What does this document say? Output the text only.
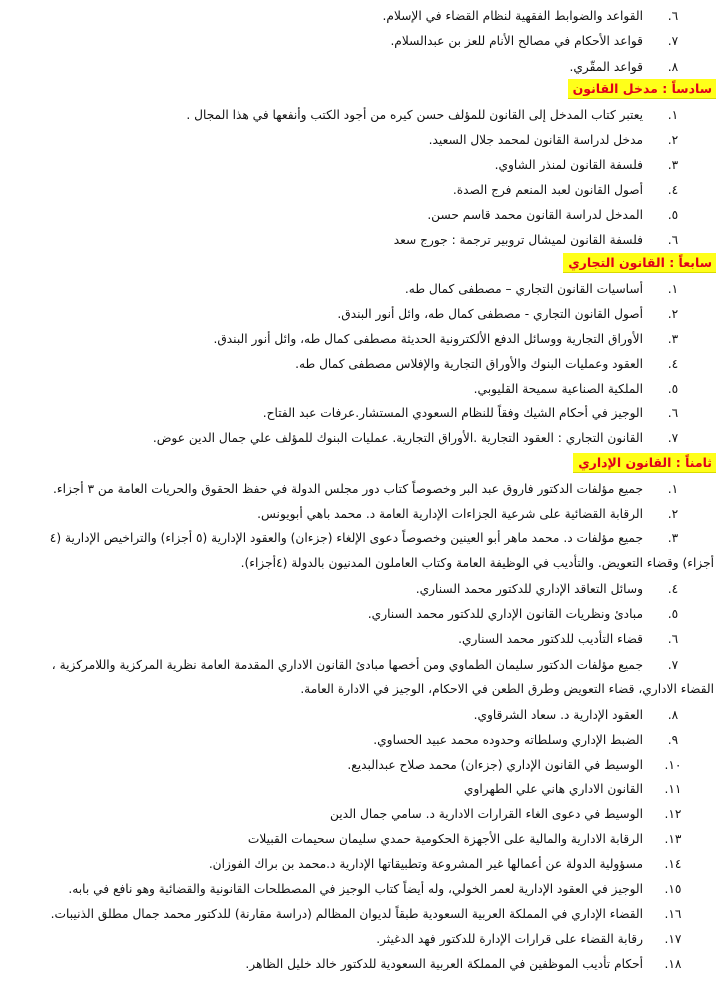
٦.
القواعد والضوابط الفقهية لنظام القضاء في الإسلام.
٧.
قواعد الأحكام في مصالح الأنام للعز بن عبدالسلام.
٨.
قواعد المقّري.
سادساً : مدخل القانون
١.
يعتبر كتاب المدخل إلى القانون للمؤلف حسن كيره من أجود الكتب وأنفعها في هذا المجال .
٢.
مدخل لدراسة القانون لمحمد جلال السعيد.
٣.
فلسفة القانون لمنذر الشاوي.
٤.
أصول القانون لعبد المنعم فرج الصدة.
٥.
المدخل لدراسة القانون محمد قاسم حسن.
٦.
فلسفة القانون لميشال تروبير ترجمة : جورج سعد
سابعاً : القانون التجاري
١.
أساسيات القانون التجاري – مصطفى كمال طه.
٢.
أصول القانون التجاري - مصطفى كمال طه، وائل أنور البندق.
٣.
الأوراق التجارية ووسائل الدفع الألكترونية الحديثة مصطفى كمال طه، وائل أنور البندق.
٤.
العقود وعمليات البنوك والأوراق التجارية والإفلاس مصطفى كمال طه.
٥.
الملكية الصناعية سميحة القليوبي.
٦.
الوجيز في أحكام الشيك وفقاً للنظام السعودي المستشار.عرفات عبد الفتاح.
٧.
القانون التجاري : العقود التجارية .الأوراق التجارية. عمليات البنوك للمؤلف علي جمال الدين عوض.
ثامناً : القانون الإداري
١.
جميع مؤلفات الدكتور فاروق عبد البر وخصوصاً كتاب دور مجلس الدولة في حفظ الحقوق والحريات العامة من ٣ أجزاء.
٢.
الرقابة القضائية على شرعية الجزاءات الإدارية العامة د. محمد باهي أبويونس.
٣.
جميع مؤلفات د. محمد ماهر أبو العينين وخصوصاً دعوى الإلغاء (جزءان) والعقود الإدارية (٥ أجزاء) والتراخيص الإدارية (٤
أجزاء) وقضاء التعويض. والتأديب في الوظيفة العامة وكتاب العاملون المدنيون بالدولة (٤أجزاء).
٤.
وسائل التعاقد الإداري للدكتور محمد السناري.
٥.
مبادئ ونظريات القانون الإداري للدكتور محمد السناري.
٦.
قضاء التأديب للدكتور محمد السناري.
٧.
جميع مؤلفات الدكتور سليمان الطماوي ومن أخصها مبادئ القانون الاداري المقدمة العامة نظرية المركزية واللامركزية ،
القضاء الاداري، قضاء التعويض وطرق الطعن في الاحكام، الوجيز في الادارة العامة.
٨.
العقود الإدارية د. سعاد الشرقاوي.
٩.
الضبط الإداري وسلطاته وحدوده محمد عبيد الحساوي.
١٠.
الوسيط في القانون الإداري (جزءان) محمد صلاح عبدالبديع.
١١.
القانون الاداري هاني علي الطهراوي
١٢.
الوسيط في دعوى الغاء القرارات الادارية د. سامي جمال الدين
١٣.
الرقابة الادارية والمالية على الأجهزة الحكومية حمدي سليمان سحيمات القبيلات
١٤.
مسؤولية الدولة عن أعمالها غير المشروعة وتطبيقاتها الإدارية د.محمد بن براك الفوزان.
١٥.
الوجيز في العقود الإدارية لعمر الخولي، وله أيضاً كتاب الوجيز في المصطلحات القانونية والقضائية وهو نافع في بابه.
١٦.
القضاء الإداري في المملكة العربية السعودية طبقاً لديوان المظالم (دراسة مقارنة) للدكتور محمد جمال مطلق الذنيبات.
١٧.
رقابة القضاء على قرارات الإدارة للدكتور فهد الدغيثر.
١٨.
أحكام تأديب الموظفين في المملكة العربية السعودية للدكتور خالد خليل الظاهر.
